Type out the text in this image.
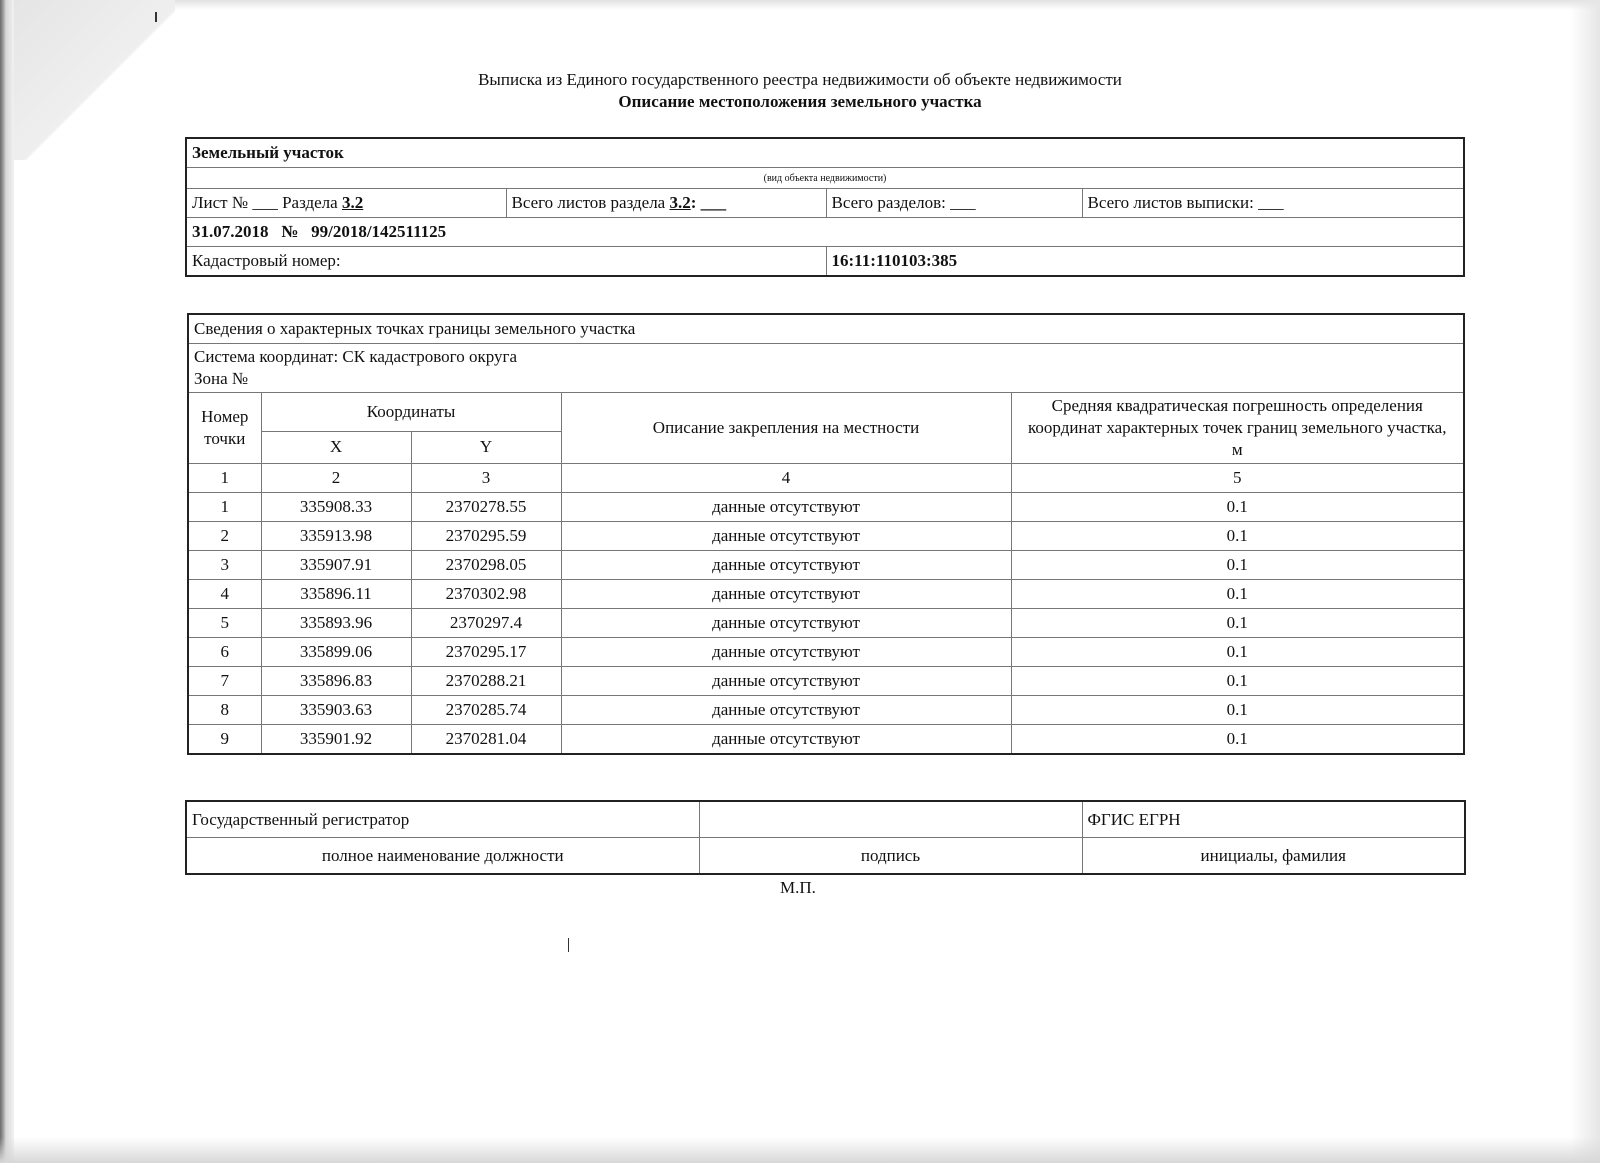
Выписка из Единого государственного реестра недвижимости об объекте недвижимости
Описание местоположения земельного участка
Земельный участок			
(вид объекта недвижимости)			
Лист № ___ Раздела 3.2	Всего листов раздела 3.2: ___	Всего разделов: ___	Всего листов выписки: ___
31.07.2018 № 99/2018/142511125			
Кадастровый номер:		16:11:110103:385	
Сведения о характерных точках границы земельного участка				

Система координат: СК кадастрового округа
Зона №				

Номер точки	Координаты		Описание закрепления на местности	Средняя квадратическая погрешность определения координат характерных точек границ земельного участка, м
	X	Y		
1	2	3	4	5
1	335908.33	2370278.55	данные отсутствуют	0.1
2	335913.98	2370295.59	данные отсутствуют	0.1
3	335907.91	2370298.05	данные отсутствуют	0.1
4	335896.11	2370302.98	данные отсутствуют	0.1
5	335893.96	2370297.4	данные отсутствуют	0.1
6	335899.06	2370295.17	данные отсутствуют	0.1
7	335896.83	2370288.21	данные отсутствуют	0.1
8	335903.63	2370285.74	данные отсутствуют	0.1
9	335901.92	2370281.04	данные отсутствуют	0.1
Государственный регистратор		ФГИС ЕГРН
полное наименование должности	подпись	инициалы, фамилия
М.П.
